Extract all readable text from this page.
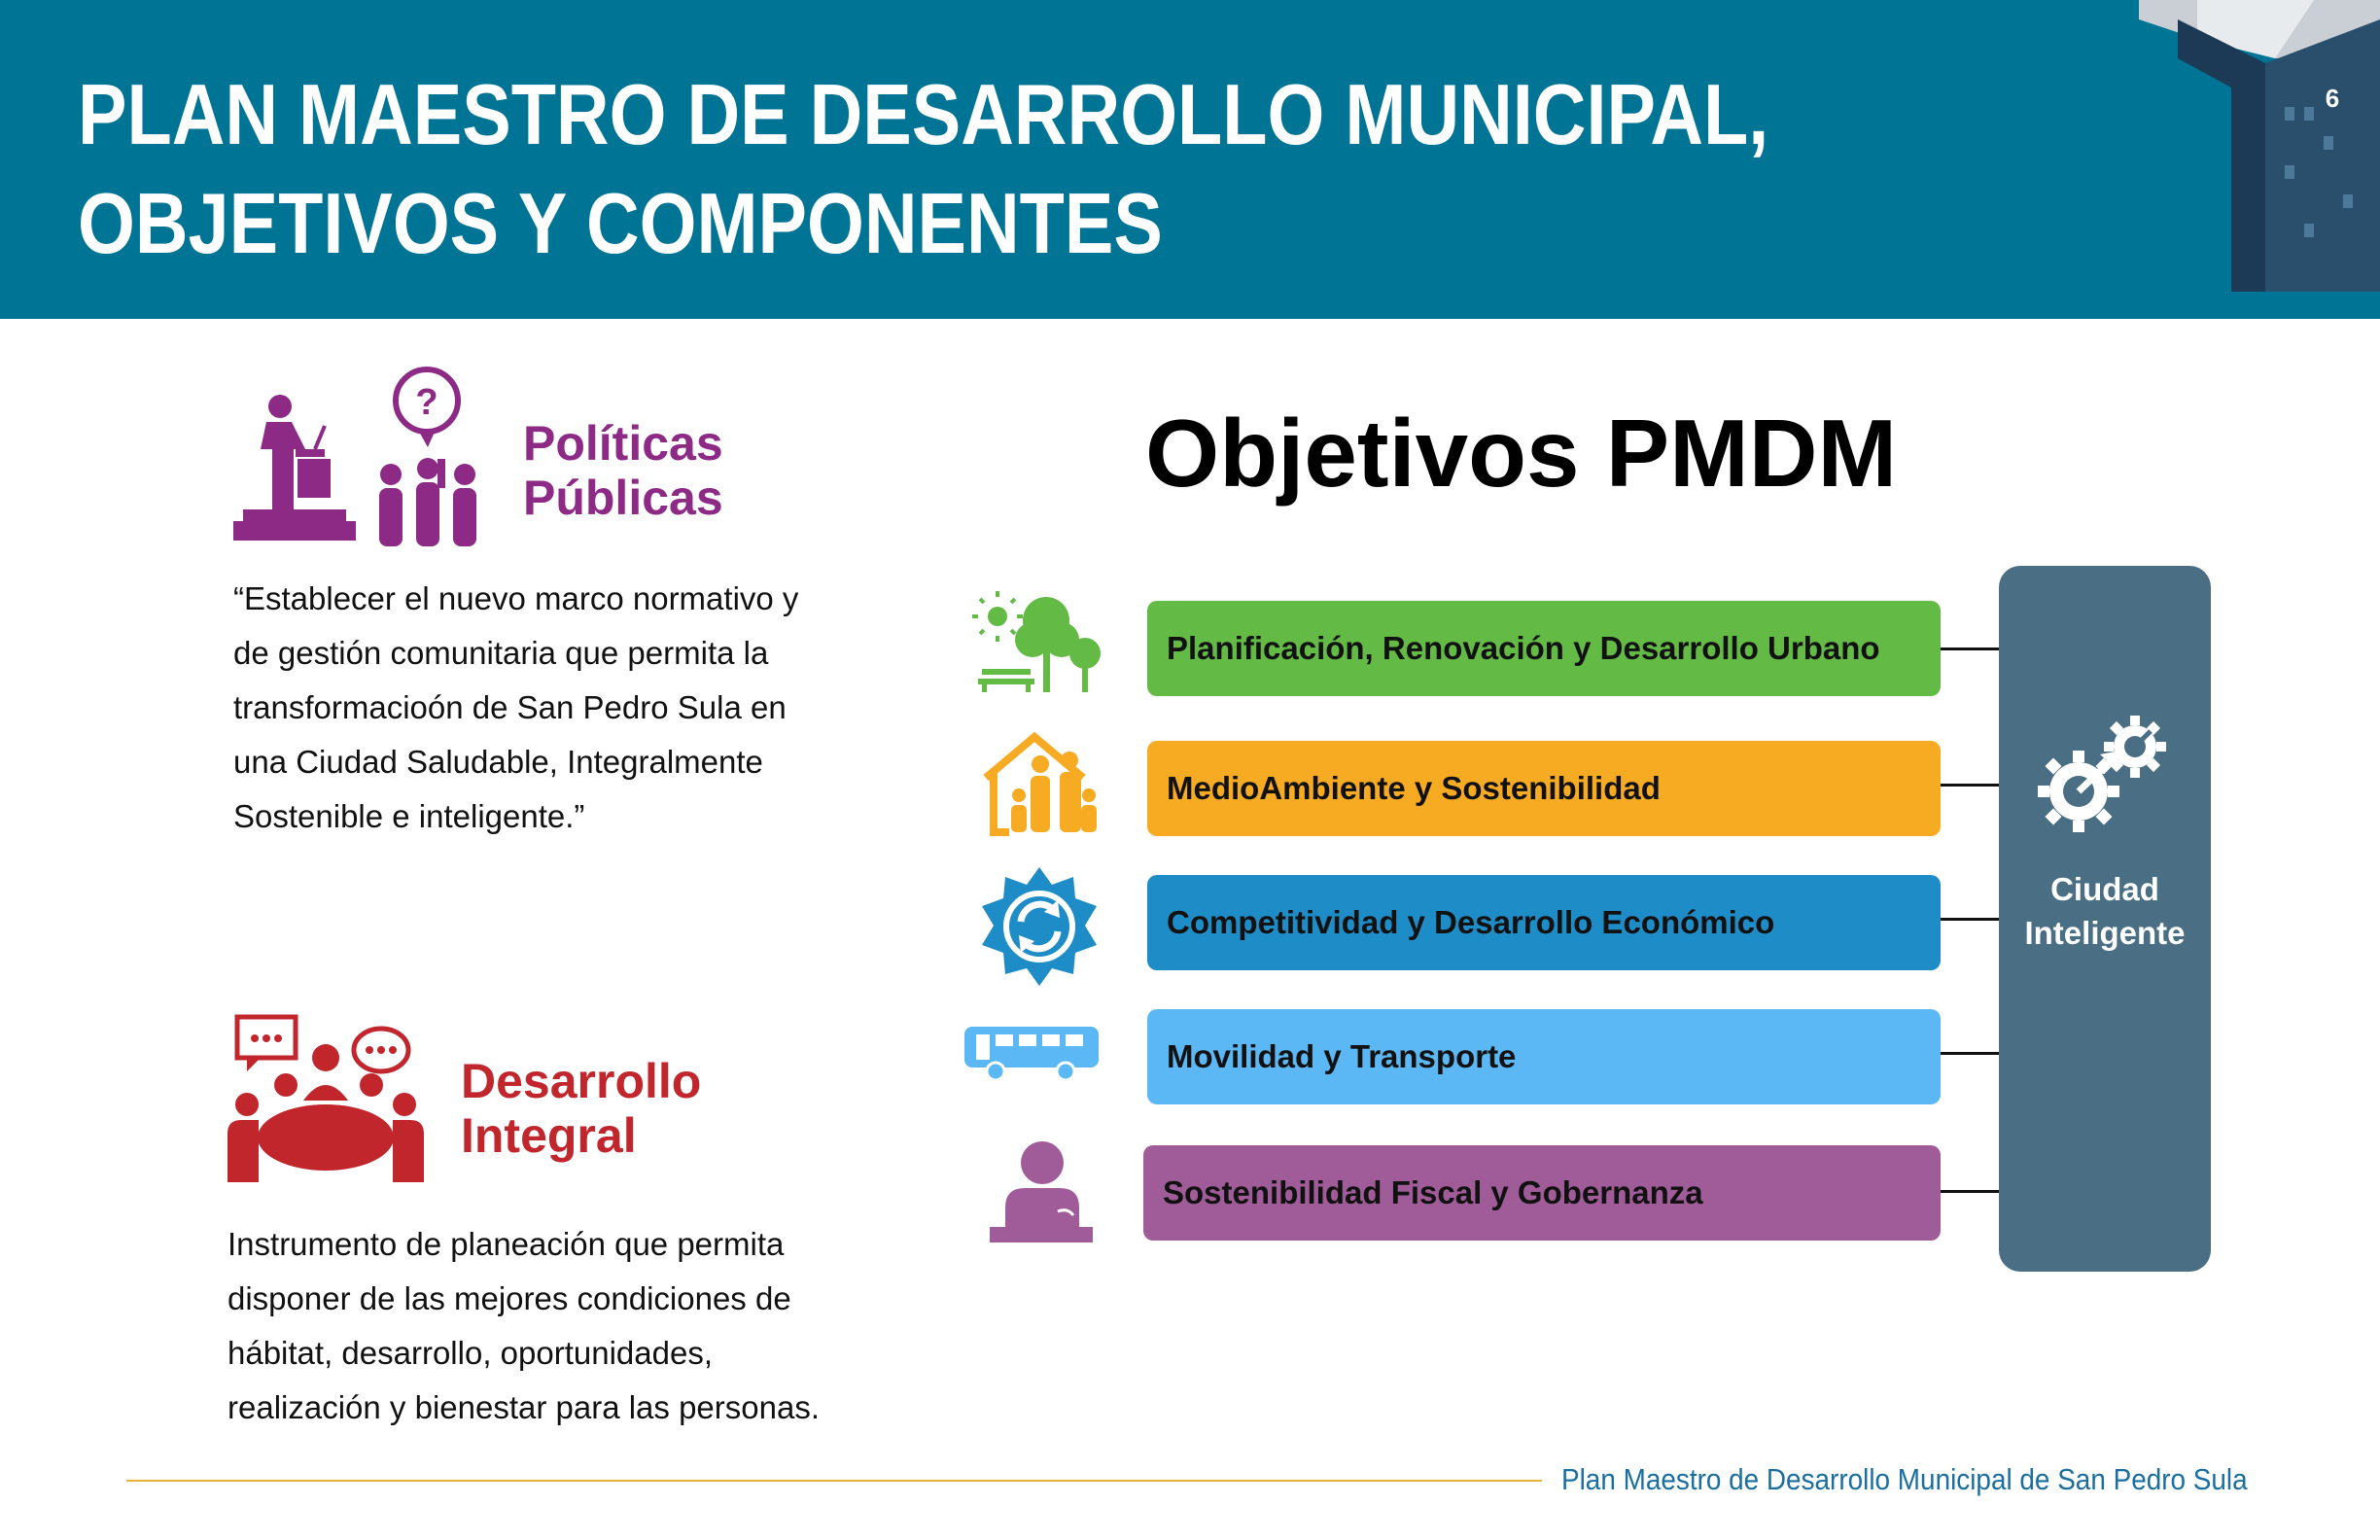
PLAN MAESTRO DE DESARROLLO MUNICIPAL,
OBJETIVOS Y COMPONENTES
6
?
Políticas
Públicas
“Establecer el nuevo marco normativo y
de gestión comunitaria que permita la
transformacioón de San Pedro Sula en
una Ciudad Saludable, Integralmente
Sostenible e inteligente.”
Desarrollo
Integral
Instrumento de planeación que permita
disponer de las mejores condiciones de
hábitat, desarrollo, oportunidades,
realización y bienestar para las personas.
Objetivos PMDM
Planificación, Renovación y Desarrollo Urbano
MedioAmbiente y Sostenibilidad
Competitividad y Desarrollo Económico
Movilidad y Transporte
Sostenibilidad Fiscal y Gobernanza
Ciudad
Inteligente
Plan Maestro de Desarrollo Municipal de San Pedro Sula
